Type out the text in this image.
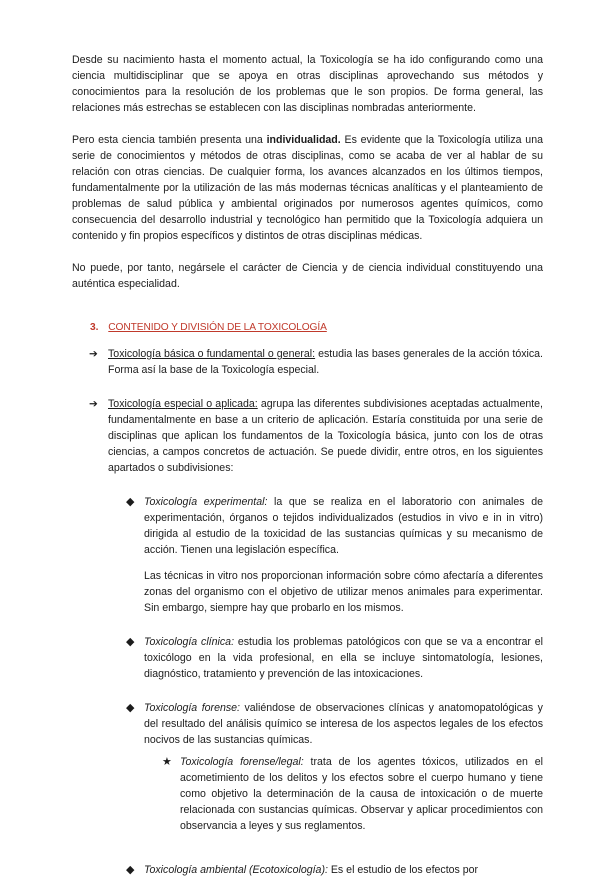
Desde su nacimiento hasta el momento actual, la Toxicología se ha ido configurando como una ciencia multidisciplinar que se apoya en otras disciplinas aprovechando sus métodos y conocimientos para la resolución de los problemas que le son propios. De forma general, las relaciones más estrechas se establecen con las disciplinas nombradas anteriormente.

Pero esta ciencia también presenta una individualidad. Es evidente que la Toxicología utiliza una serie de conocimientos y métodos de otras disciplinas, como se acaba de ver al hablar de su relación con otras ciencias. De cualquier forma, los avances alcanzados en los últimos tiempos, fundamentalmente por la utilización de las más modernas técnicas analíticas y el planteamiento de problemas de salud pública y ambiental originados por numerosos agentes químicos, como consecuencia del desarrollo industrial y tecnológico han permitido que la Toxicología adquiera un contenido y fin propios específicos y distintos de otras disciplinas médicas.

No puede, por tanto, negársele el carácter de Ciencia y de ciencia individual constituyendo una auténtica especialidad.

3. CONTENIDO Y DIVISIÓN DE LA TOXICOLOGÍA
➔ Toxicología básica o fundamental o general: estudia las bases generales de la acción tóxica. Forma así la base de la Toxicología especial.

➔ Toxicología especial o aplicada: agrupa las diferentes subdivisiones aceptadas actualmente, fundamentalmente en base a un criterio de aplicación. Estaría constituida por una serie de disciplinas que aplican los fundamentos de la Toxicología básica, junto con los de otras ciencias, a campos concretos de actuación. Se puede dividir, entre otros, en los siguientes apartados o subdivisiones:

◆ Toxicología experimental: la que se realiza en el laboratorio con animales de experimentación, órganos o tejidos individualizados (estudios in vivo e in in vitro) dirigida al estudio de la toxicidad de las sustancias químicas y su mecanismo de acción. Tienen una legislación específica.

Las técnicas in vitro nos proporcionan información sobre cómo afectaría a diferentes zonas del organismo con el objetivo de utilizar menos animales para experimentar. Sin embargo, siempre hay que probarlo en los mismos.

◆ Toxicología clínica: estudia los problemas patológicos con que se va a encontrar el toxicólogo en la vida profesional, en ella se incluye sintomatología, lesiones, diagnóstico, tratamiento y prevención de las intoxicaciones.

◆ Toxicología forense: valiéndose de observaciones clínicas y anatomopatológicas y del resultado del análisis químico se interesa de los aspectos legales de los efectos nocivos de las sustancias químicas.

★ Toxicología forense/legal: trata de los agentes tóxicos, utilizados en el acometimiento de los delitos y los efectos sobre el cuerpo humano y tiene como objetivo la determinación de la causa de intoxicación o de muerte relacionada con sustancias químicas. Observar y aplicar procedimientos con observancia a leyes y sus reglamentos.

◆ Toxicología ambiental (Ecotoxicología): Es el estudio de los efectos por
